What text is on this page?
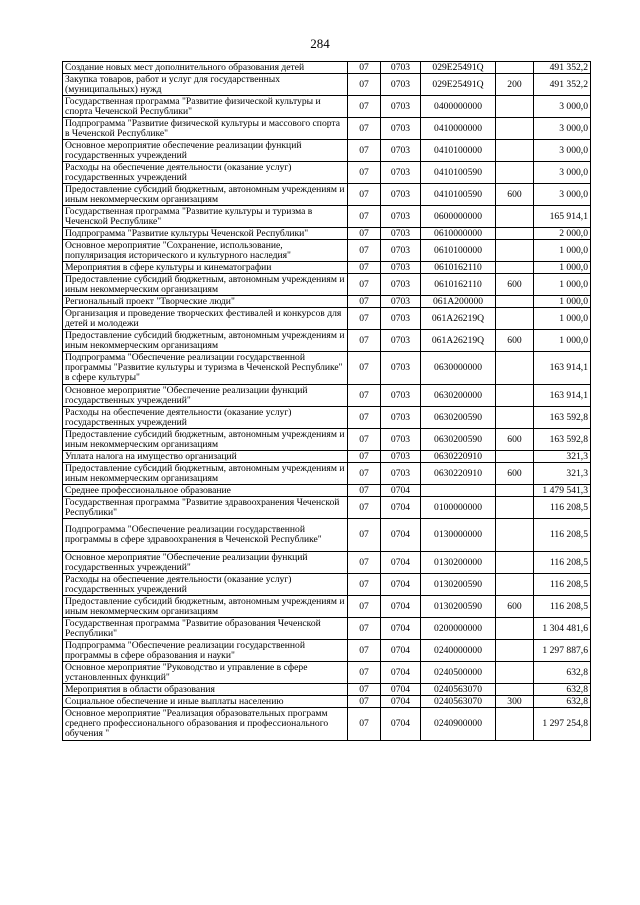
284
Создание новых мест дополнительного образования детей	07	0703	029E25491Q		491 352,2
Закупка товаров, работ и услуг для государственных (муниципальных) нужд	07	0703	029E25491Q	200	491 352,2
Государственная программа "Развитие физической культуры и спорта Чеченской Республики"	07	0703	0400000000		3 000,0
Подпрограмма "Развитие физической культуры и массового спорта в Чеченской Республике"	07	0703	0410000000		3 000,0
Основное мероприятие обеспечение реализации функций государственных учреждений	07	0703	0410100000		3 000,0
Расходы на обеспечение деятельности (оказание услуг) государственных учреждений	07	0703	0410100590		3 000,0
Предоставление субсидий бюджетным, автономным учреждениям и иным некоммерческим организациям	07	0703	0410100590	600	3 000,0
Государственная программа "Развитие культуры и туризма в Чеченской Республике"	07	0703	0600000000		165 914,1
Подпрограмма "Развитие культуры Чеченской Республики"	07	0703	0610000000		2 000,0
Основное мероприятие "Сохранение, использование, популяризация исторического и культурного наследия"	07	0703	0610100000		1 000,0
Мероприятия в сфере культуры и кинематографии	07	0703	0610162110		1 000,0
Предоставление субсидий бюджетным, автономным учреждениям и иным некоммерческим организациям	07	0703	0610162110	600	1 000,0
Региональный проект "Творческие люди"	07	0703	061A200000		1 000,0
Организация и проведение творческих фестивалей и конкурсов для детей и молодежи	07	0703	061A26219Q		1 000,0
Предоставление субсидий бюджетным, автономным учреждениям и иным некоммерческим организациям	07	0703	061A26219Q	600	1 000,0
Подпрограмма "Обеспечение реализации государственной программы "Развитие культуры и туризма в Чеченской Республике" в сфере культуры"	07	0703	0630000000		163 914,1
Основное мероприятие "Обеспечение реализации функций государственных учреждений"	07	0703	0630200000		163 914,1
Расходы на обеспечение деятельности (оказание услуг) государственных учреждений	07	0703	0630200590		163 592,8
Предоставление субсидий бюджетным, автономным учреждениям и иным некоммерческим организациям	07	0703	0630200590	600	163 592,8
Уплата налога на имущество организаций	07	0703	0630220910		321,3
Предоставление субсидий бюджетным, автономным учреждениям и иным некоммерческим организациям	07	0703	0630220910	600	321,3
Среднее профессиональное образование	07	0704			1 479 541,3
Государственная программа "Развитие здравоохранения Чеченской Республики"	07	0704	0100000000		116 208,5
Подпрограмма "Обеспечение реализации государственной программы в сфере здравоохранения в Чеченской Республике"	07	0704	0130000000		116 208,5
Основное мероприятие "Обеспечение реализации функций государственных учреждений"	07	0704	0130200000		116 208,5
Расходы на обеспечение деятельности (оказание услуг) государственных учреждений	07	0704	0130200590		116 208,5
Предоставление субсидий бюджетным, автономным учреждениям и иным некоммерческим организациям	07	0704	0130200590	600	116 208,5
Государственная программа "Развитие образования Чеченской Республики"	07	0704	0200000000		1 304 481,6
Подпрограмма "Обеспечение реализации государственной программы в сфере образования и науки"	07	0704	0240000000		1 297 887,6
Основное мероприятие "Руководство и управление в сфере установленных функций"	07	0704	0240500000		632,8
Мероприятия в области образования	07	0704	0240563070		632,8
Социальное обеспечение и иные выплаты населению	07	0704	0240563070	300	632,8
Основное мероприятие "Реализация образовательных программ среднего профессионального образования и профессионального обучения "	07	0704	0240900000		1 297 254,8
